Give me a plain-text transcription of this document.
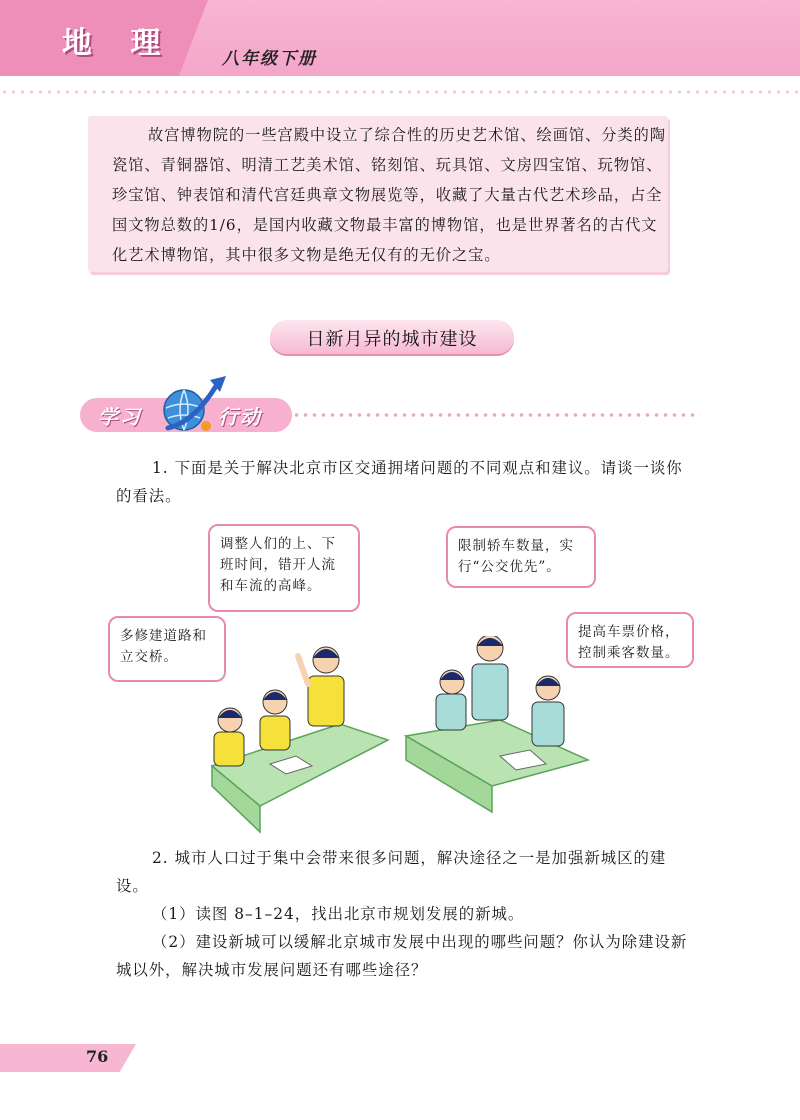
地 理	八年级下册
故宫博物院的一些宫殿中设立了综合性的历史艺术馆、绘画馆、分类的陶瓷馆、青铜器馆、明清工艺美术馆、铭刻馆、玩具馆、文房四宝馆、玩物馆、珍宝馆、钟表馆和清代宫廷典章文物展览等，收藏了大量古代艺术珍品，占全国文物总数的1/6，是国内收藏文物最丰富的博物馆，也是世界著名的古代文化艺术博物馆，其中很多文物是绝无仅有的无价之宝。
日新月异的城市建设
学习	行动
1. 下面是关于解决北京市区交通拥堵问题的不同观点和建议。请谈一谈你的看法。
调整人们的上、下班时间，错开人流和车流的高峰。
多修建道路和立交桥。
限制轿车数量，实行“公交优先”。
提高车票价格，控制乘客数量。
2. 城市人口过于集中会带来很多问题，解决途径之一是加强新城区的建设。
（1）读图 8–1–24，找出北京市规划发展的新城。
（2）建设新城可以缓解北京城市发展中出现的哪些问题？你认为除建设新城以外，解决城市发展问题还有哪些途径？
76
